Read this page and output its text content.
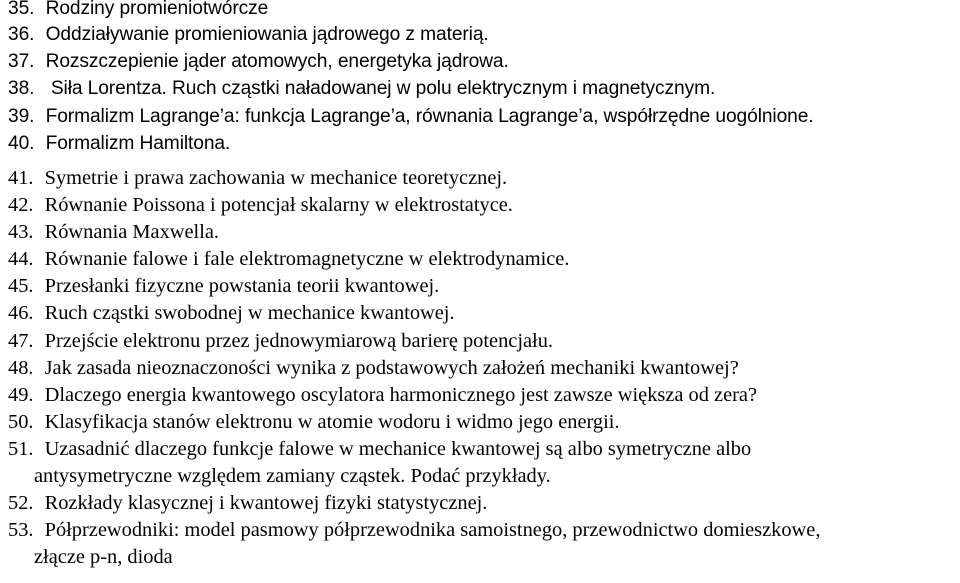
35. Rodziny promieniotwórcze
36. Oddziaływanie promieniowania jądrowego z materią.
37. Rozszczepienie jąder atomowych, energetyka jądrowa.
38.  Siła Lorentza. Ruch cząstki naładowanej w polu elektrycznym i magnetycznym.
39. Formalizm Lagrange’a: funkcja Lagrange’a, równania Lagrange’a, współrzędne uogólnione.
40. Formalizm Hamiltona.
41. Symetrie i prawa zachowania w mechanice teoretycznej.
42. Równanie Poissona i potencjał skalarny w elektrostatyce.
43. Równania Maxwella.
44. Równanie falowe i fale elektromagnetyczne w elektrodynamice.
45. Przesłanki fizyczne powstania teorii kwantowej.
46. Ruch cząstki swobodnej w mechanice kwantowej.
47. Przejście elektronu przez jednowymiarową barierę potencjału.
48. Jak zasada nieoznaczoności wynika z podstawowych założeń mechaniki kwantowej?
49. Dlaczego energia kwantowego oscylatora harmonicznego jest zawsze większa od zera?
50. Klasyfikacja stanów elektronu w atomie wodoru i widmo jego energii.
51. Uzasadnić dlaczego funkcje falowe w mechanice kwantowej są albo symetryczne albo
antysymetryczne względem zamiany cząstek. Podać przykłady.
52. Rozkłady klasycznej i kwantowej fizyki statystycznej.
53. Półprzewodniki: model pasmowy półprzewodnika samoistnego, przewodnictwo domieszkowe,
złącze p-n, dioda
